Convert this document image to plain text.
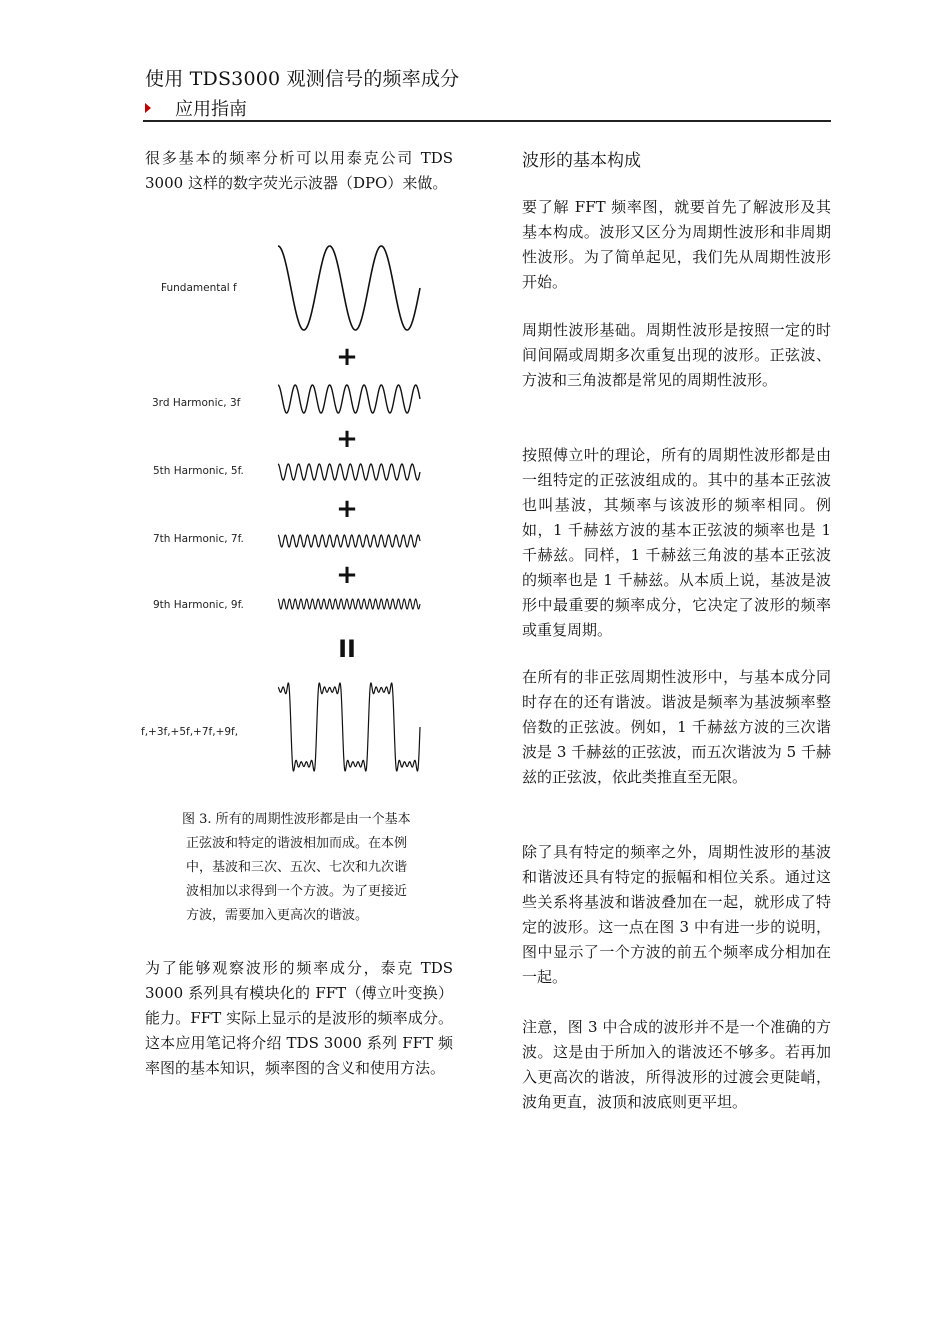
使用 TDS3000 观测信号的频率成分
应用指南

很多基本的频率分析可以用泰克公司 TDS 3000 这样的数字荧光示波器（DPO）来做。

Fundamental f
3rd Harmonic, 3f
5th Harmonic, 5f.
7th Harmonic, 7f.
9th Harmonic, 9f.
f,+3f,+5f,+7f,+9f,
+
+
+
+
II
图 3. 所有的周期性波形都是由一个基本
正弦波和特定的谐波相加而成。在本例
中，基波和三次、五次、七次和九次谐
波相加以求得到一个方波。为了更接近
方波，需要加入更高次的谐波。

为了能够观察波形的频率成分，泰克 TDS 3000 系列具有模块化的 FFT（傅立叶变换）能力。FFT 实际上显示的是波形的频率成分。这本应用笔记将介绍 TDS 3000 系列 FFT 频率图的基本知识，频率图的含义和使用方法。

波形的基本构成

要了解 FFT 频率图，就要首先了解波形及其基本构成。波形又区分为周期性波形和非周期性波形。为了简单起见，我们先从周期性波形开始。

周期性波形基础。周期性波形是按照一定的时间间隔或周期多次重复出现的波形。正弦波、方波和三角波都是常见的周期性波形。

按照傅立叶的理论，所有的周期性波形都是由一组特定的正弦波组成的。其中的基本正弦波也叫基波，其频率与该波形的频率相同。例如，1 千赫兹方波的基本正弦波的频率也是 1 千赫兹。同样，1 千赫兹三角波的基本正弦波的频率也是 1 千赫兹。从本质上说，基波是波形中最重要的频率成分，它决定了波形的频率或重复周期。

在所有的非正弦周期性波形中，与基本成分同时存在的还有谐波。谐波是频率为基波频率整倍数的正弦波。例如，1 千赫兹方波的三次谐波是 3 千赫兹的正弦波，而五次谐波为 5 千赫兹的正弦波，依此类推直至无限。

除了具有特定的频率之外，周期性波形的基波和谐波还具有特定的振幅和相位关系。通过这些关系将基波和谐波叠加在一起，就形成了特定的波形。这一点在图 3 中有进一步的说明，图中显示了一个方波的前五个频率成分相加在一起。

注意，图 3 中合成的波形并不是一个准确的方波。这是由于所加入的谐波还不够多。若再加入更高次的谐波，所得波形的过渡会更陡峭，波角更直，波顶和波底则更平坦。
